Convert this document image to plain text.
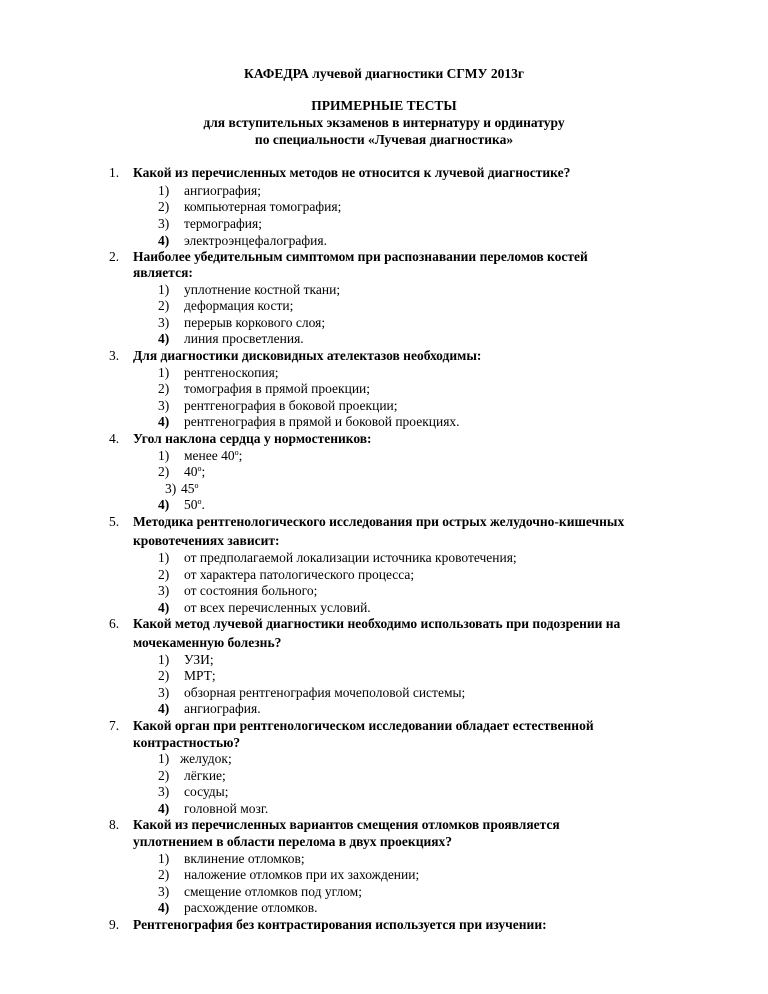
КАФЕДРА лучевой диагностики СГМУ 2013г
ПРИМЕРНЫЕ ТЕСТЫ
для вступительных экзаменов в интернатуру и ординатуру
по специальности «Лучевая диагностика»
1. Какой из перечисленных методов не относится к лучевой диагностике?
1) ангиография;
2) компьютерная томография;
3) термография;
4) электроэнцефалография.
2. Наиболее убедительным симптомом при распознавании переломов костей
является:
1) уплотнение костной ткани;
2) деформация кости;
3) перерыв коркового слоя;
4) линия просветления.
3. Для диагностики дисковидных ателектазов необходимы:
1) рентгеноскопия;
2) томография в прямой проекции;
3) рентгенография в боковой проекции;
4) рентгенография в прямой и боковой проекциях.
4. Угол наклона сердца у нормостеников:
1) менее $40^о$;
2) $40^о$;
3) $45^о$
4) $50^о$.
5. Методика рентгенологического исследования при острых желудочно-кишечных
кровотечениях зависит:
1) от предполагаемой локализации источника кровотечения;
2) от характера патологического процесса;
3) от состояния больного;
4) от всех перечисленных условий.
6. Какой метод лучевой диагностики необходимо использовать при подозрении на
мочекаменную болезнь?
1) УЗИ;
2) МРТ;
3) обзорная рентгенография мочеполовой системы;
4) ангиография.
7. Какой орган при рентгенологическом исследовании обладает естественной
контрастностью?
1) желудок;
2) лёгкие;
3) сосуды;
4) головной мозг.
8. Какой из перечисленных вариантов смещения отломков проявляется
уплотнением в области перелома в двух проекциях?
1) вклинение отломков;
2) наложение отломков при их захождении;
3) смещение отломков под углом;
4) расхождение отломков.
9. Рентгенография без контрастирования используется при изучении:
